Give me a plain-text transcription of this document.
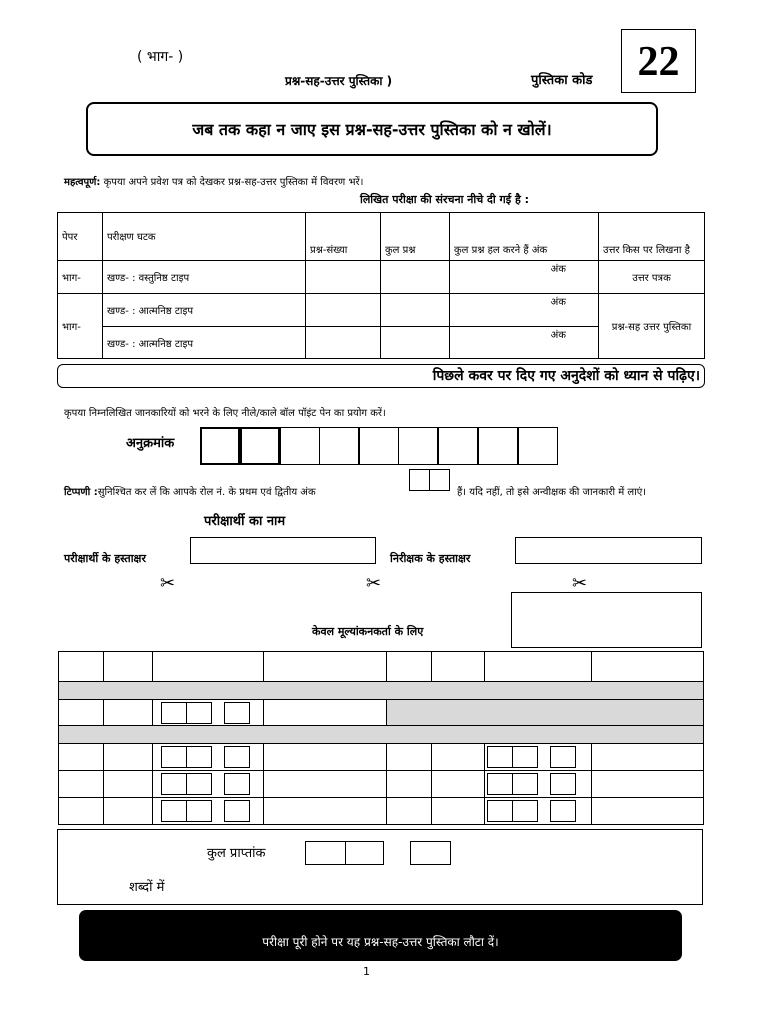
( भाग- )
प्रश्न-सह-उत्तर पुस्तिका )	पुस्तिका कोड	22
जब तक कहा न जाए इस प्रश्न-सह-उत्तर पुस्तिका को न खोलें।
महत्वपूर्ण: कृपया अपने प्रवेश पत्र को देखकर प्रश्न-सह-उत्तर पुस्तिका में विवरण भरें।
लिखित परीक्षा की संरचना नीचे दी गई है :
पेपर	परीक्षण घटक	प्रश्न-संख्या	कुल प्रश्न	कुल प्रश्न हल करने हैं अंक	उत्तर किस पर लिखना है
भाग-	खण्ड- : वस्तुनिष्ठ टाइप			अंक	उत्तर पत्रक
भाग-	खण्ड- : आत्मनिष्ठ टाइप			अंक	प्रश्न-सह उत्तर पुस्तिका
	खण्ड- : आत्मनिष्ठ टाइप			अंक	
पिछले कवर पर दिए गए अनुदेशों को ध्यान से पढ़िए।
कृपया निम्नलिखित जानकारियों को भरने के लिए नीले/काले बॉल पॉइंट पेन का प्रयोग करें।
अनुक्रमांक
टिप्पणी :सुनिश्चित कर लें कि आपके रोल नं. के प्रथम एवं द्वितीय अंक	हैं। यदि नहीं, तो इसे अन्वीक्षक की जानकारी में लाएं।
परीक्षार्थी का नाम
परीक्षार्थी के हस्ताक्षर	निरीक्षक के हस्ताक्षर
✂	✂	✂
केवल मूल्यांकनकर्ता के लिए

कुल प्राप्तांक
शब्दों में
परीक्षा पूरी होने पर यह प्रश्न-सह-उत्तर पुस्तिका लौटा दें।
1
